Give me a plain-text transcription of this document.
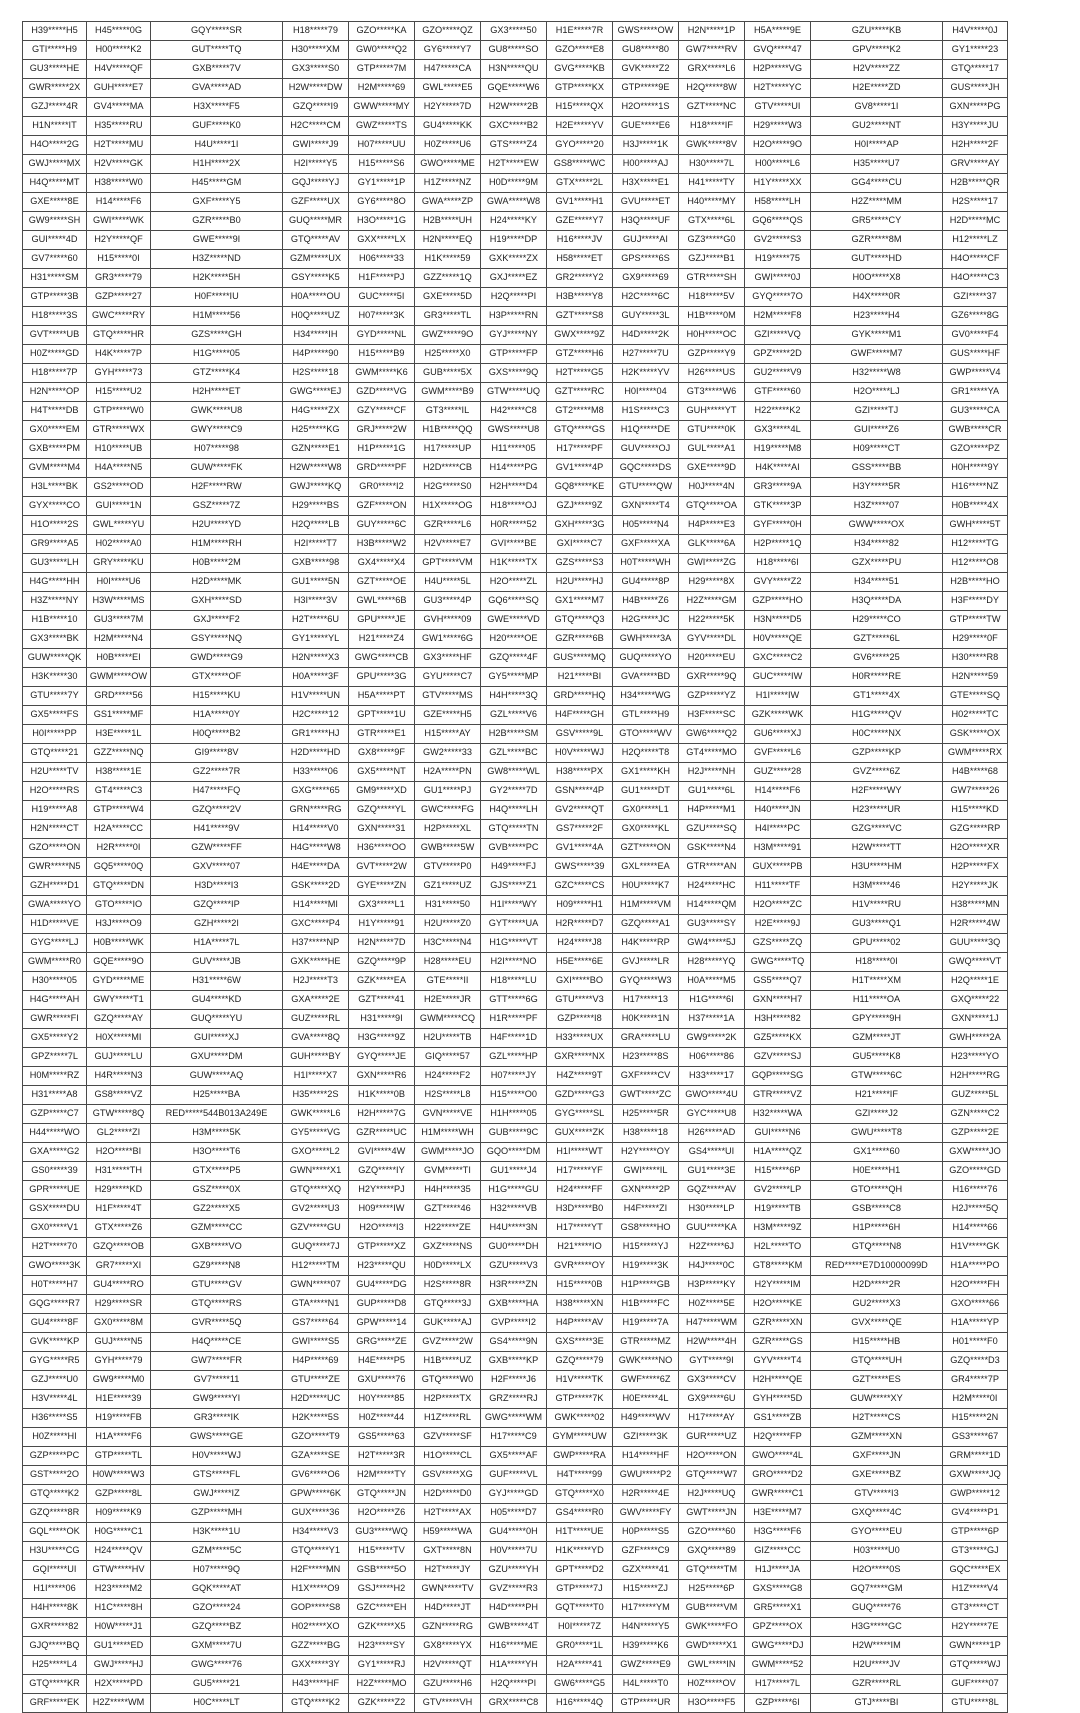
H39*****H5	H45*****0G	GQY*****SR	H18*****79	GZO*****KA	GZO*****QZ	GX3*****50	H1E*****7R	GWS*****OW	H2N*****1P	H5A*****9E	GZU*****KB	H4V*****0J
GTI*****H9	H00*****K2	GUT*****TQ	H30*****XM	GW0*****Q2	GY6*****Y7	GU8*****SO	GZO*****E8	GU8*****80	GW7*****RV	GVQ*****47	GPV*****K2	GY1*****23
GU3*****HE	H4V*****QF	GXB*****7V	GX3*****S0	GTP*****7M	H47*****CA	H3N*****QU	GVG*****KB	GVK*****Z2	GRX*****L6	H2P*****VG	H2V*****ZZ	GTQ*****17
GWR*****2X	GUH*****E7	GVA*****AD	H2W*****DW	H2M*****69	GWL*****E5	GQE*****W6	GTP*****KX	GTP*****9E	H2Q*****8W	H2T*****YC	H2E*****ZD	GUS*****JH
GZJ*****4R	GV4*****MA	H3X*****F5	GZQ*****I9	GWW*****MY	H2Y*****7D	H2W*****2B	H15*****QX	H2O*****1S	GZT*****NC	GTV*****UI	GV8*****1I	GXN*****PG
H1N*****IT	H35*****RU	GUF*****K0	H2C*****CM	GWZ*****TS	GU4*****KK	GXC*****B2	H2E*****YV	GUE*****E6	H18*****IF	H29*****W3	GU2*****NT	H3Y*****JU
H4O*****2G	H2T*****MU	H4U*****1I	GWI*****J9	H07*****UU	H0Z*****U6	GTS*****Z4	GYO*****20	H3J*****1K	GWK*****8V	H2O*****9O	H0I*****AP	H2H*****2F
GWJ*****MX	H2V*****GK	H1H*****2X	H2I*****Y5	H15*****S6	GWO*****ME	H2T*****EW	GS8*****WC	H00*****AJ	H30*****7L	H00*****L6	H35*****U7	GRV*****AY
H4Q*****MT	H38*****W0	H45*****GM	GQJ*****YJ	GY1*****1P	H1Z*****NZ	H0D*****9M	GTX*****2L	H3X*****E1	H41*****TY	H1Y*****XX	GG4*****CU	H2B*****QR
GXE*****8E	H14*****F6	GXF*****Y5	GZF*****UX	GY6*****8O	GWA*****ZP	GWA*****W8	GV1*****H1	GVU*****ET	H40*****MY	H58*****LH	H2Z*****MM	H2S*****17
GW9*****SH	GWI*****WK	GZR*****B0	GUQ*****MR	H3O*****1G	H2B*****UH	H24*****KY	GZE*****Y7	H3Q*****UF	GTX*****6L	GQ6*****QS	GR5*****CY	H2D*****MC
GUI*****4D	H2Y*****QF	GWE*****9I	GTQ*****AV	GXX*****LX	H2N*****EQ	H19*****DP	H16*****JV	GUJ*****AI	GZ3*****G0	GV2*****S3	GZR*****8M	H12*****LZ
GV7*****60	H15*****0I	H3Z*****ND	GZM*****UX	H06*****33	H1K*****59	GXK*****ZX	H58*****ET	GPS*****6S	GZJ*****B1	H19*****75	GUT*****HD	H4O*****CF
H31*****SM	GR3*****79	H2K*****5H	GSY*****K5	H1F*****PJ	GZZ*****1Q	GXJ*****EZ	GR2*****Y2	GX9*****69	GTR*****SH	GWI*****0J	H0O*****X8	H4O*****C3
GTP*****3B	GZP*****27	H0F*****IU	H0A*****OU	GUC*****5I	GXE*****5D	H2Q*****PI	H3B*****Y8	H2C*****6C	H18*****5V	GYQ*****7O	H4X*****0R	GZI*****37
H18*****3S	GWC*****RY	H1M*****56	H0Q*****UZ	H07*****3K	GR3*****TL	H3P*****RN	GZT*****S8	GUY*****3L	H1B*****0M	H2M*****F8	H23*****H4	GZ6*****8G
GVT*****UB	GTQ*****HR	GZS*****GH	H34*****IH	GYD*****NL	GWZ*****9O	GYJ*****NY	GWX*****9Z	H4D*****2K	H0H*****OC	GZI*****VQ	GYK*****M1	GV0*****F4
H0Z*****GD	H4K*****7P	H1G*****05	H4P*****90	H15*****B9	H25*****X0	GTP*****FP	GTZ*****H6	H27*****7U	GZP*****Y9	GPZ*****2D	GWF*****M7	GUS*****HF
H18*****7P	GYH*****73	GTZ*****K4	H2S*****18	GWM*****K6	GUB*****5X	GXS*****9Q	H2T*****G5	H2K*****YV	H26*****US	GU2*****V9	H32*****W8	GWP*****V4
H2N*****OP	H15*****U2	H2H*****ET	GWG*****EJ	GZD*****VG	GWM*****B9	GTW*****UQ	GZT*****RC	H0I*****04	GT3*****W6	GTF*****60	H2O*****LJ	GR1*****YA
H4T*****DB	GTP*****W0	GWK*****U8	H4G*****ZX	GZY*****CF	GT3*****IL	H42*****C8	GT2*****M8	H1S*****C3	GUH*****YT	H22*****K2	GZI*****TJ	GU3*****CA
GX0*****EM	GTR*****WX	GWY*****C9	H25*****KG	GRJ*****2W	H1B*****QQ	GWS*****U8	GTQ*****GS	H1Q*****DE	GTU*****0K	GX3*****4L	GUI*****Z6	GWB*****CR
GXB*****PM	H10*****UB	H07*****98	GZN*****E1	H1P*****1G	H17*****UP	H11*****05	H17*****PF	GUV*****OJ	GUL*****A1	H19*****M8	H09*****CT	GZO*****PZ
GVM*****M4	H4A*****N5	GUW*****FK	H2W*****W8	GRD*****PF	H2D*****CB	H14*****PG	GV1*****4P	GQC*****DS	GXE*****9D	H4K*****AI	GSS*****BB	H0H*****9Y
H3L*****BK	GS2*****OD	H2F*****RW	GWJ*****KQ	GR0*****I2	H2G*****S0	H2H*****D4	GQ8*****KE	GTU*****QW	H0J*****4N	GR3*****9A	H3Y*****5R	H16*****NZ
GYX*****CO	GUI*****1N	GSZ*****7Z	H29*****BS	GZF*****ON	H1X*****OG	H18*****OJ	GZJ*****9Z	GXN*****T4	GTQ*****OA	GTK*****3P	H3Z*****07	H0B*****4X
H1O*****2S	GWL*****YU	H2U*****YD	H2Q*****LB	GUY*****6C	GZR*****L6	H0R*****52	GXH*****3G	H05*****N4	H4P*****E3	GYF*****0H	GWW*****OX	GWH*****5T
GR9*****A5	H02*****A0	H1M*****RH	H2I*****T7	H3B*****W2	H2V*****E7	GVI*****BE	GXI*****C7	GXF*****XA	GLK*****6A	H2P*****1Q	H34*****82	H12*****TG
GU3*****LH	GRY*****KU	H0B*****2M	GXB*****98	GX4*****X4	GPT*****VM	H1K*****TX	GZS*****S3	H0T*****WH	GWI*****ZG	H18*****6I	GZX*****PU	H12*****O8
H4G*****HH	H0I*****U6	H2D*****MK	GU1*****5N	GZT*****OE	H4U*****5L	H2O*****ZL	H2U*****HJ	GU4*****8P	H29*****8X	GVY*****Z2	H34*****51	H2B*****HO
H3Z*****NY	H3W*****MS	GXH*****SD	H3I*****3V	GWL*****6B	GU3*****4P	GQ6*****SQ	GX1*****M7	H4B*****Z6	H2Z*****GM	GZP*****HO	H3Q*****DA	H3F*****DY
H1B*****10	GU3*****7M	GXJ*****F2	H2T*****6U	GPU*****JE	GVH*****09	GWE*****VD	GTQ*****Q3	H2G*****JC	H22*****5K	H3N*****D5	H29*****CO	GTP*****TW
GX3*****BK	H2M*****N4	GSY*****NQ	GY1*****YL	H21*****Z4	GW1*****6G	H20*****OE	GZR*****6B	GWH*****3A	GYV*****DL	H0V*****QE	GZT*****6L	H29*****0F
GUW*****QK	H0B*****EI	GWD*****G9	H2N*****X3	GWG*****CB	GX3*****HF	GZQ*****4F	GUS*****MQ	GUQ*****YO	H20*****EU	GXC*****C2	GV6*****25	H30*****R8
H3K*****30	GWM*****OW	GTX*****OF	H0A*****3F	GPU*****3G	GYU*****C7	GY5*****MP	H21*****BI	GVA*****BD	GXR*****9Q	GUC*****IW	H0R*****RE	H2N*****59
GTU*****7Y	GRD*****56	H15*****KU	H1V*****UN	H5A*****PT	GTV*****MS	H4H*****3Q	GRD*****HQ	H34*****WG	GZP*****YZ	H1I*****IW	GT1*****4X	GTE*****SQ
GX5*****FS	GS1*****MF	H1A*****0Y	H2C*****12	GPT*****1U	GZE*****H5	GZL*****V6	H4F*****GH	GTL*****H9	H3F*****SC	GZK*****WK	H1G*****QV	H02*****TC
H0I*****PP	H3E*****1L	H0Q*****B2	GR1*****HJ	GTR*****E1	H15*****AY	H2B*****SM	GSV*****9L	GTO*****WV	GW6*****Q2	GU6*****XJ	H0C*****NX	GSK*****OX
GTQ*****21	GZZ*****NQ	GI9*****8V	H2D*****HD	GX8*****9F	GW2*****33	GZL*****BC	H0V*****WJ	H2Q*****T8	GT4*****MO	GVF*****L6	GZP*****KP	GWM*****RX
H2U*****TV	H38*****1E	GZ2*****7R	H33*****06	GX5*****NT	H2A*****PN	GW8*****WL	H38*****PX	GX1*****KH	H2J*****NH	GUZ*****28	GVZ*****6Z	H4B*****68
H2O*****RS	GT4*****C3	H47*****FQ	GXG*****65	GM9*****XD	GU1*****PJ	GY2*****7D	GSN*****4P	GU1*****DT	GU1*****6L	H14*****F6	H2F*****WY	GW7*****26
H19*****A8	GTP*****W4	GZQ*****2V	GRN*****RG	GZQ*****YL	GWC*****FG	H4Q*****LH	GV2*****QT	GX0*****L1	H4P*****M1	H40*****JN	H23*****UR	H15*****KD
H2N*****CT	H2A*****CC	H41*****9V	H14*****V0	GXN*****31	H2P*****XL	GTQ*****TN	GS7*****2F	GX0*****KL	GZU*****SQ	H4I*****PC	GZG*****VC	GZG*****RP
GZO*****ON	H2R*****0I	GZW*****FF	H4G*****W8	H36*****OO	GWB*****5W	GVB*****PC	GV1*****4A	GZT*****ON	GSK*****N4	H3M*****91	H2W*****TT	H2O*****XR
GWR*****N5	GQ5*****0Q	GXV*****07	H4E*****DA	GVT*****2W	GTV*****P0	H49*****FJ	GWS*****39	GXL*****EA	GTR*****AN	GUX*****PB	H3U*****HM	H2P*****FX
GZH*****D1	GTQ*****DN	H3D*****I3	GSK*****2D	GYE*****ZN	GZ1*****UZ	GJS*****Z1	GZC*****CS	H0U*****K7	H24*****HC	H11*****TF	H3M*****46	H2Y*****JK
GWA*****YO	GTO*****IO	GZQ*****IP	H14*****MI	GX3*****L1	H31*****50	H1I*****WY	H09*****H1	H1M*****VM	H14*****QM	H2O*****ZC	H1V*****RU	H38*****MN
H1D*****VE	H3J*****O9	GZH*****2I	GXC*****P4	H1Y*****91	H2U*****Z0	GYT*****UA	H2R*****D7	GZQ*****A1	GU3*****SY	H2E*****9J	GU3*****Q1	H2R*****4W
GYG*****LJ	H0B*****WK	H1A*****7L	H37*****NP	H2N*****7D	H3C*****N4	H1G*****VT	H24*****J8	H4K*****RP	GW4*****5J	GZS*****ZQ	GPU*****02	GUU*****3Q
GWM*****R0	GQE*****9O	GUV*****JB	GXK*****HE	GZQ*****9P	H28*****EU	H2I*****NO	H5E*****6E	GVJ*****LR	H28*****YQ	GWG*****TQ	H18*****0I	GWQ*****VT
H30*****05	GYD*****ME	H31*****6W	H2J*****T3	GZK*****EA	GTE*****II	H18*****LU	GXI*****BO	GYQ*****W3	H0A*****M5	GS5*****Q7	H1T*****XM	H2Q*****1E
H4G*****AH	GWY*****T1	GU4*****KD	GXA*****2E	GZT*****41	H2E*****JR	GTT*****6G	GTU*****V3	H17*****13	H1G*****6I	GXN*****H7	H11*****OA	GXQ*****22
GWR*****FI	GZQ*****AY	GUQ*****YU	GUZ*****RL	H31*****9I	GWM*****CQ	H1R*****PF	GZP*****I8	H0K*****1N	H37*****1A	H3H*****82	GPY*****9H	GXN*****1J
GX5*****Y2	H0X*****MI	GUI*****XJ	GVA*****8Q	H3G*****9Z	H2U*****TB	H4F*****1D	H33*****UX	GRA*****LU	GW9*****2K	GZ5*****KX	GZM*****JT	GWH*****2A
GPZ*****7L	GUJ*****LU	GXU*****DM	GUH*****BY	GYQ*****JE	GIQ*****57	GZL*****HP	GXR*****NX	H23*****8S	H06*****86	GZV*****SJ	GU5*****K8	H23*****YO
H0M*****RZ	H4R*****N3	GUW*****AQ	H1I*****X7	GXN*****R6	H24*****F2	H07*****JY	H4Z*****9T	GXF*****CV	H33*****17	GQP*****SG	GTW*****6C	H2H*****RG
H31*****A8	GS8*****VZ	H25*****BA	H35*****2S	H1K*****0B	H2S*****L8	H15*****O0	GZD*****G3	GWT*****ZC	GWO*****4U	GTR*****VZ	H21*****IF	GUZ*****5L
GZP*****C7	GTW*****8Q	RED*****544B013A249E	GWK*****L6	H2H*****7G	GVN*****VE	H1H*****05	GYG*****SL	H25*****5R	GYC*****U8	H32*****WA	GZI*****J2	GZN*****C2
H44*****WO	GL2*****ZI	H3M*****5K	GY5*****VG	GZR*****UC	H1M*****WH	GUB*****9C	GUX*****ZK	H38*****18	H26*****AD	GUI*****N6	GWU*****T8	GZP*****2E
GXA*****G2	H2O*****BI	H3O*****T6	GXO*****L2	GVI*****4W	GWM*****JO	GQO*****DM	H1I*****WT	H2Y*****OY	GS4*****UI	H1A*****QZ	GX1*****60	GXW*****JO
GS0*****39	H31*****TH	GTX*****P5	GWN*****X1	GZQ*****IY	GVM*****TI	GU1*****J4	H17*****YF	GWI*****IL	GU1*****3E	H15*****6P	H0E*****H1	GZO*****GD
GPR*****UE	H29*****KD	GSZ*****0X	GTQ*****XQ	H2Y*****PJ	H4H*****35	H1G*****GU	H24*****FF	GXN*****2P	GQZ*****AV	GV2*****LP	GTO*****QH	H16*****76
GSX*****DU	H1F*****4T	GZ2*****X5	GV2*****U3	H09*****IW	GZT*****46	H32*****VB	H3D*****B0	H4F*****ZI	H30*****LP	H19*****TB	GSB*****C8	H2J*****5Q
GX0*****V1	GTX*****Z6	GZM*****CC	GZV*****GU	H2O*****I3	H22*****ZE	H4U*****3N	H17*****YT	GS8*****HO	GUU*****KA	H3M*****9Z	H1P*****6H	H14*****66
H2T*****70	GZQ*****OB	GXB*****VO	GUQ*****7J	GTP*****XZ	GXZ*****NS	GU0*****DH	H21*****IO	H15*****YJ	H2Z*****6J	H2L*****TO	GTQ*****N8	H1V*****GK
GWO*****3K	GR7*****XI	GZ9*****N8	H12*****TM	H23*****QU	H0D*****LX	GZU*****V3	GVR*****OY	H19*****3K	H4J*****0C	GT8*****KM	RED*****E7D10000099D	H1A*****PO
H0T*****H7	GU4*****RO	GTU*****GV	GWN*****07	GU4*****DG	H2S*****8R	H3R*****ZN	H15*****0B	H1P*****GB	H3P*****KY	H2Y*****IM	H2D*****2R	H2O*****FH
GQG*****R7	H29*****SR	GTQ*****RS	GTA*****N1	GUP*****D8	GTQ*****3J	GXB*****HA	H38*****XN	H1B*****FC	H0Z*****5E	H2O*****KE	GU2*****X3	GXO*****66
GU4*****8F	GX0*****8M	GVR*****5Q	GS7*****64	GPW*****14	GUK*****AJ	GVP*****I2	H4P*****AV	H19*****7A	H47*****WM	GZR*****XN	GVX*****QE	H1A*****YP
GVK*****KP	GUJ*****N5	H4Q*****CE	GWI*****S5	GRG*****ZE	GVZ*****2W	GS4*****9N	GXS*****3E	GTR*****MZ	H2W*****4H	GZR*****GS	H15*****HB	H01*****F0
GYG*****R5	GYH*****79	GW7*****FR	H4P*****69	H4E*****P5	H1B*****UZ	GXB*****KP	GZQ*****79	GWK*****NO	GYT*****9I	GYV*****T4	GTQ*****UH	GZQ*****D3
GZJ*****U0	GW9*****M0	GV7*****11	GTU*****ZE	GXU*****76	GTQ*****W0	H2F*****J6	H1V*****TK	GWF*****6Z	GX3*****CV	H2H*****QE	GZT*****ES	GR4*****7P
H3V*****4L	H1E*****39	GW9*****YI	H2D*****UC	H0Y*****85	H2P*****TX	GRZ*****RJ	GTP*****7K	H0E*****4L	GX9*****6U	GYH*****5D	GUW*****XY	H2M*****0I
H36*****S5	H19*****FB	GR3*****IK	H2K*****5S	H0Z*****44	H1Z*****RL	GWG*****WM	GWK*****02	H49*****WV	H17*****AY	GS1*****ZB	H2T*****CS	H15*****2N
H0Z*****HI	H1A*****F6	GWS*****GE	GZO*****T9	GS5*****63	GZV*****SF	H17*****C9	GYM*****UW	GZI*****3K	GUR*****UZ	H2Q*****FP	GZM*****XN	GS3*****67
GZP*****PC	GTP*****TL	H0V*****WJ	GZA*****SE	H2T*****3R	H1O*****CL	GX5*****AF	GWP*****RA	H14*****HF	H2O*****ON	GWO*****4L	GXF*****JN	GRM*****1D
GST*****2O	H0W*****W3	GTS*****FL	GV6*****O6	H2M*****TY	GSV*****XG	GUF*****VL	H4T*****99	GWU*****P2	GTQ*****W7	GRO*****D2	GXE*****BZ	GXW*****JQ
GTQ*****K2	GZP*****8L	GWJ*****IZ	GPW*****6K	GTQ*****JN	H2D*****D0	GYJ*****GD	GTQ*****X0	H2R*****4E	H2J*****UQ	GWR*****C1	GTV*****I3	GWP*****12
GZQ*****8R	H09*****K9	GZP*****MH	GUX*****36	H2O*****Z6	H2T*****AX	H05*****D7	GS4*****R0	GWV*****FY	GWT*****JN	H3E*****M7	GXQ*****4C	GV4*****P1
GQL*****OK	H0G*****C1	H3K*****1U	H34*****V3	GU3*****WQ	H59*****WA	GU4*****0H	H1T*****UE	H0P*****S5	GZO*****60	H3G*****F6	GYO*****EU	GTP*****6P
H3U*****CG	H24*****QV	GZM*****5C	GTQ*****Y1	H15*****TV	GXT*****8N	H0V*****7U	H1K*****YD	GZF*****C9	GXQ*****89	GIZ*****CC	H03*****U0	GT3*****GJ
GQI*****UI	GTW*****HV	H07*****9Q	H2F*****MN	GSB*****5O	H2T*****JY	GZU*****YH	GPT*****D2	GZX*****41	GTQ*****TM	H1J*****JA	H2O*****0S	GQC*****EX
H1I*****06	H23*****M2	GQK*****AT	H1X*****O9	GSJ*****H2	GWN*****TV	GVZ*****R3	GTP*****7J	H15*****ZJ	H25*****6P	GXS*****G8	GQ7*****GM	H1Z*****V4
H4H*****8K	H1C*****8H	GZO*****24	GOP*****S8	GZC*****EH	H4D*****JT	H4D*****PH	GQT*****T0	H17*****YM	GUB*****VM	GR5*****X1	GUQ*****76	GT3*****CT
GXR*****82	H0W*****J1	GZQ*****BZ	H02*****XO	GZK*****X5	GZN*****RG	GWB*****4T	H0I*****7Z	H4N*****Y5	GWK*****FO	GPZ*****OX	H3G*****GC	H2Y*****7E
GJQ*****BQ	GU1*****ED	GXM*****7U	GZZ*****BG	H23*****SY	GX8*****YX	H16*****ME	GR0*****1L	H39*****K6	GWD*****X1	GWG*****DJ	H2W*****IM	GWN*****1P
H25*****L4	GWJ*****HJ	GWG*****76	GXX*****3Y	GY1*****RJ	H2V*****QT	H1A*****YH	H2A*****41	GWZ*****E9	GWL*****IN	GWM*****52	H2U*****JV	GTQ*****WJ
GTQ*****KR	H2X*****PD	GU5*****21	H43*****HF	H2Z*****MO	GZU*****H6	H2Q*****PI	GW6*****G5	H4L*****T0	H0Z*****OV	H17*****7L	GZR*****RL	GUF*****07
GRF*****EK	H2Z*****WM	H0C*****LT	GTQ*****K2	GZK*****Z2	GTV*****VH	GRX*****C8	H16*****4Q	GTP*****UR	H3O*****F5	GZP*****6I	GTJ*****BI	GTU*****8L
